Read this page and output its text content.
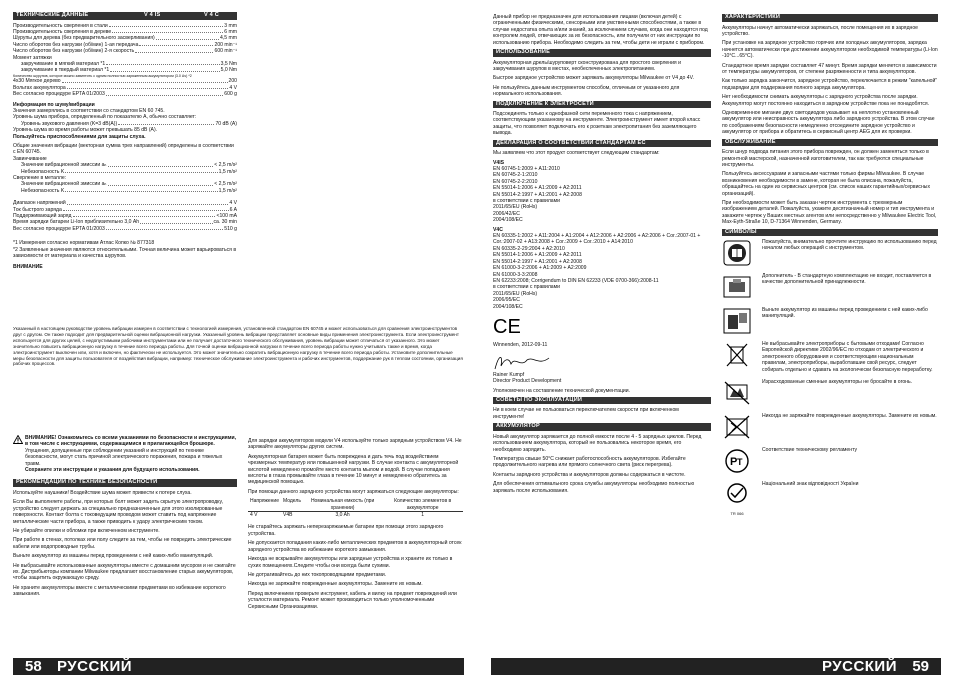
ТЕХНИЧЕСКИЕ ДАННЫЕ	V 4 IS	V 4 C
Производительность сверления в стали	3 mm
Производительность сверления в дереве	6 mm
Шурупы для дерева (без предварительного засверливания)	4,5 mm
Число оборотов без нагрузки (об/мин) 1-ая передача	200 min⁻¹
Число оборотов без нагрузки (об/мин) 2-я скорость	600 min⁻¹
Момент затяжки
закручивание в мягкий материал *1	3,5 Nm
закручивание в твердый материал *1	5,0 Nm
Количество шурупов, которое можно завинтить с одним полностью заряженным аккумулятором (3.0 Ач) *2
4x30 Мягкое дерево	200
Вольтах аккумулятора	4 V
Вес согласно процедуре EPTA 01/2003	600 g
Информация по шуму/вибрации
Значения замерялись в соответствии со стандартом EN 60 745.
Уровень шума прибора, определенный по показателю А, обычно составляет:
Уровень звукового давления (K=3 dB(A))	70 dB (A)
Уровень шума во время работы может превышать 85 dB (A).
Пользуйтесь приспособлениями для защиты слуха.
Общие значения вибрации (векторная сумма трех направлений) определены в соответствии с EN 60745.
Завинчивание
Значение вибрационной эмиссии aₕ	< 2,5 m/s²
Небезопасность K	1,5 m/s²
Сверление в металле:
Значение вибрационной эмиссии aₕ	< 2,5 m/s²
Небезопасность K	1,5 m/s²
Диапазон напряжений	4 V
Ток быстрого заряда	6 A
Поддерживающий заряд	<100 mA
Время зарядки батареи Li-Ion приблизительно 3,0 Ah	ca. 30 min
Вес согласно процедуре EPTA 01/2003	510 g
*1 Измерения согласно нормативам Атлас Копко № 877318
*2 Заявленные значения являются относительными. Точная величина может варьироваться в зависимости от материала и качества шурупов.
ВНИМАНИЕ
Указанный в настоящем руководстве уровень вибрации измерен в соответствии с технологией измерения, установленной стандартом EN 60745 и может использоваться для сравнения электроинструментов друг с другом. Он также подходит для предварительной оценки вибрационной нагрузки. Указанный уровень вибрации представляет основные виды применения электроинструмента. Если электроинструмент используется для других целей, с недопустимыми рабочими инструментами или не получает достаточного технического обслуживания, уровень вибрации может отличаться от указанного. Это может значительно повысить вибрационную нагрузку в течение всего периода работы. Для точной оценки вибрационной нагрузки в течение всего периода работы нужно учитывать также и время, когда электроинструмент выключен или, хотя и включен, но фактически не используется. Это может значительно сократить вибрационную нагрузку в течение всего периода работы. Установите дополнительные меры безопасности для защиты пользователя от воздействия вибрации, например: техническое обслуживание электроинструмента и рабочих инструментов, поддержание рук в теплом состоянии, организация рабочих процессов.
ВНИМАНИЕ! Ознакомьтесь со всеми указаниями по безопасности и инструкциями, в том числе с инструкциями, содержащимися в прилагающейся брошюре. Упущения, допущенные при соблюдении указаний и инструкций по технике безопасности, могут стать причиной электрического поражения, пожара и тяжелых травм.
Сохраните эти инструкции и указания для будущего использования.
РЕКОМЕНДАЦИИ ПО ТЕХНИКЕ БЕЗОПАСНОСТИ
Используйте наушники! Воздействие шума может привести к потере слуха.
Если Вы выполняете работы, при которых болт может задеть скрытую электропроводку, устройство следует держать за специально предназначенные для этого изолированные поверхности. Контакт болта с токоведущим проводом может ставить под напряжение металлические части прибора, а также приводить к удару электрическим током.
Не убирайте опилки и обломки при включенном инструменте.
При работе в стенах, потолках или полу следите за тем, чтобы не повредить электрические кабели или водопроводные трубы.
Выньте аккумулятор из машины перед проведением с ней каких-либо манипуляций.
Не выбрасывайте использованные аккумуляторы вместе с домашним мусором и не сжигайте их. Дистрибьюторы компании Milwaukee предлагают восстановление старых аккумуляторов, чтобы защитить окружающую среду.
Не храните аккумуляторы вместе с металлическими предметами во избежание короткого замыкания.
Для зарядки аккумуляторов модели V4 используйте только зарядным устройством V4. Не заряжайте аккумуляторы других систем.
Аккумуляторная батарея может быть повреждена и дать течь под воздействием чрезмерных температур или повышенной нагрузки. В случае контакта с аккумуляторной кислотой немедленно промойте место контакта мылом и водой. В случае попадания кислоты в глаза промывайте глаза в течение 10 минут и немедленно обратитесь за медицинской помощью.
При помощи данного зарядного устройства могут заряжаться следующие аккумуляторы:
Напряжение	Модель	Номинальная емкость (при хранении)	Количество элементов в аккумуляторе
4 V	V4B	3,0 Ah	1
Не старайтесь заряжать неперезаряжаемые батареи при помощи этого зарядного устройства.
Не допускается попадания каких-либо металлических предметов в аккумуляторный отсек зарядного устройства во избежание короткого замыкания.
Никогда не вскрывайте аккумуляторы или зарядные устройства и храните их только в сухих помещениях.Следите чтобы они всегда были сухими.
Не дотрагивайтесь до них токопроводящими предметами.
Никогда не заряжайте поврежденные аккумуляторы. Замените их новым.
Перед включением проверьте инструмент, кабель и вилку на предмет повреждений или усталости материала. Ремонт может производиться только уполномоченными Сервисными Организациями.
58 РУССКИЙ
Данный прибор не предназначен для использования лицами (включая детей) с ограниченными физическими, сенсорными или умственными способностями, а также в случае недостатка опыта и/или знаний, за исключением случаев, когда они находятся под контролем людей, отвечающих за их безопасность, или получили от них инструкции по использованию прибора. Необходимо следить за тем, чтобы дети не играли с прибором.
ИСПОЛЬЗОВАНИЕ
Аккумуляторная дрель/шуруповерт сконструирована для простого сверления и закручивания шурупов в местах, необеспеченных электропитанием.
Быстрое зарядное устройство может заряжать аккумуляторы Milwaukee от V4 до 4V.
Не пользуйтесь данным инструментом способом, отличным от указанного для нормального использования.
ПОДКЛЮЧЕНИЕ К ЭЛЕКТРОСЕТИ
Подсоединять только к однофазной сети переменного тока с напряжением, соответствующим указанному на инструменте. Электроинструмент имеет второй класс защиты, что позволяет подключать его к розеткам электропитания без заземляющего вывода.
ДЕКЛАРАЦИЯ О СООТВЕТСТВИИ СТАНДАРТАМ ЕС
Мы заявляем что этот продукт соответствует следующим стандартам:
V4IS
EN 60745-1:2009 + A11:2010
EN 60745-2-1:2010
EN 60745-2-2:2010
EN 55014-1:2006 + A1:2009 + A2:2011
EN 55014-2:1997 + A1:2001 + A2:2008
в соответствии с правилами
2011/65/EU (RoHs)
2006/42/EC
2004/108/EC
V4C
EN 60335-1:2002 + A11:2004 + A1:2004 + A12:2006 + A2:2006 + A2:2006 + Cor.:2007-01 + Cor.:2007-02 + A13:2008 + Cor.:2009 + Cor.:2010 + A14:2010
EN 60335-2-29:2004 + A2:2010
EN 55014-1:2006 + A1:2009 + A2:2011
EN 55014-2:1997 + A1:2001 + A2:2008
EN 61000-3-2:2006 + A1:2009 + A2:2009
EN 61000-3-3:2008
EN 62233:2008; Corrigendum to DIN EN 62233 (VDE 0700-366):2008-11
в соответствии с правилами
2011/65/EU (RoHs)
2006/95/EC
2004/108/EC
CE
Winnenden, 2012-09-11
Rainer Kumpf
Director Product Development
Уполномочен на составление технической документации.
СОВЕТЫ ПО ЭКСПЛУАТАЦИИ
Ни в коем случае не пользоваться переключателем скорости при включенном инструменте!
АККУМУЛЯТОР
Новый аккумулятор заряжается до полной емкости после 4 - 5 зарядных циклов. Перед использованием аккумулятора, который не пользовались некоторое время, его необходимо зарядить.
Температура свыше 50°C снижает работоспособность аккумуляторов. Избегайте продолжительного нагрева или прямого солнечного света (риск перегрева).
Контакты зарядного устройства и аккумуляторов должны содержаться в чистоте.
Для обеспечения оптимального срока службы аккумуляторы необходимо полностью заряжать после использования.
ХАРАКТЕРИСТИКИ
Аккумуляторы начнут автоматически заряжаться, после помещения их в зарядное устройство.
При установке на зарядное устройство горячих или холодных аккумуляторов, зарядка начнется автоматически при достижении аккумулятором необходимой температуры (Li-Ion -10°C...65°C).
Стандартное время зарядки составляет 47 минут. Время зарядки меняется в зависимости от температуры аккумуляторов, от степени разряженности и типа аккумуляторов.
Как только зарядка закончится, зарядное устройство, переключается в режим "капельной" подзарядки для поддержания полного заряда аккумулятора.
Нет необходимости снимать аккумуляторы с зарядного устройства после зарядки. Аккумулятор могут постоянно находиться в зарядном устройстве пока не понадобятся.
Одновременное мигание двух светодиодов указывает на неплотно установленный аккумулятор или неисправность аккумулятора либо зарядного устройства. В этом случае по соображениям безопасности немедленно отсоедините зарядное устройство и аккумулятор от прибора и обратитесь в сервисный центр AEG для их проверки.
ОБСЛУЖИВАНИЕ
Если шнур подвода питания этого прибора поврежден, он должен заменяться только в ремонтной мастерской, назначенной изготовителем, так как требуются специальные инструменты.
Пользуйтесь аксессуарами и запасными частями только фирмы Milwaukee. В случае возникновения необходимости в замене, которая не была описана, пожалуйста, обращайтесь на один из сервисных центров (см. список наших гарантийных/сервисных организаций).
При необходимости может быть заказан чертеж инструмента с трехмерным изображением деталей. Пожалуйста, укажите десятизначный номер и тип инструмента и закажите чертеж у Ваших местных агентов или непосредственно у Milwaukee Electric Tool, Max-Eyth-Straße 10, D-71364 Winnenden, Germany.
СИМВОЛЫ
Пожалуйста, внимательно прочтите инструкцию по использованию перед началом любых операций с инструментом.
Дополнитель - В стандартную комплектацию не входит, поставляется в качестве дополнительной принадлежности.
Выньте аккумулятор из машины перед проведением с ней каких-либо манипуляций.
Не выбрасывайте электроприборы с бытовыми отходами! Согласно Европейской директиве 2002/96/ЕС по отходам от электрического и электронного оборудования и соответствующим национальным правилам, электроприборы, выработавшие свой ресурс, следует собирать отдельно и сдавать на экологически безопасную переработку.
Израсходованные сменные аккумуляторы не бросайте в огонь.
Никогда не заряжайте поврежденные аккумуляторы. Замените их новым.
Р Т
Соответствие техническому регламенту
TR 066
Національний знак відповідності України
РУССКИЙ 59
